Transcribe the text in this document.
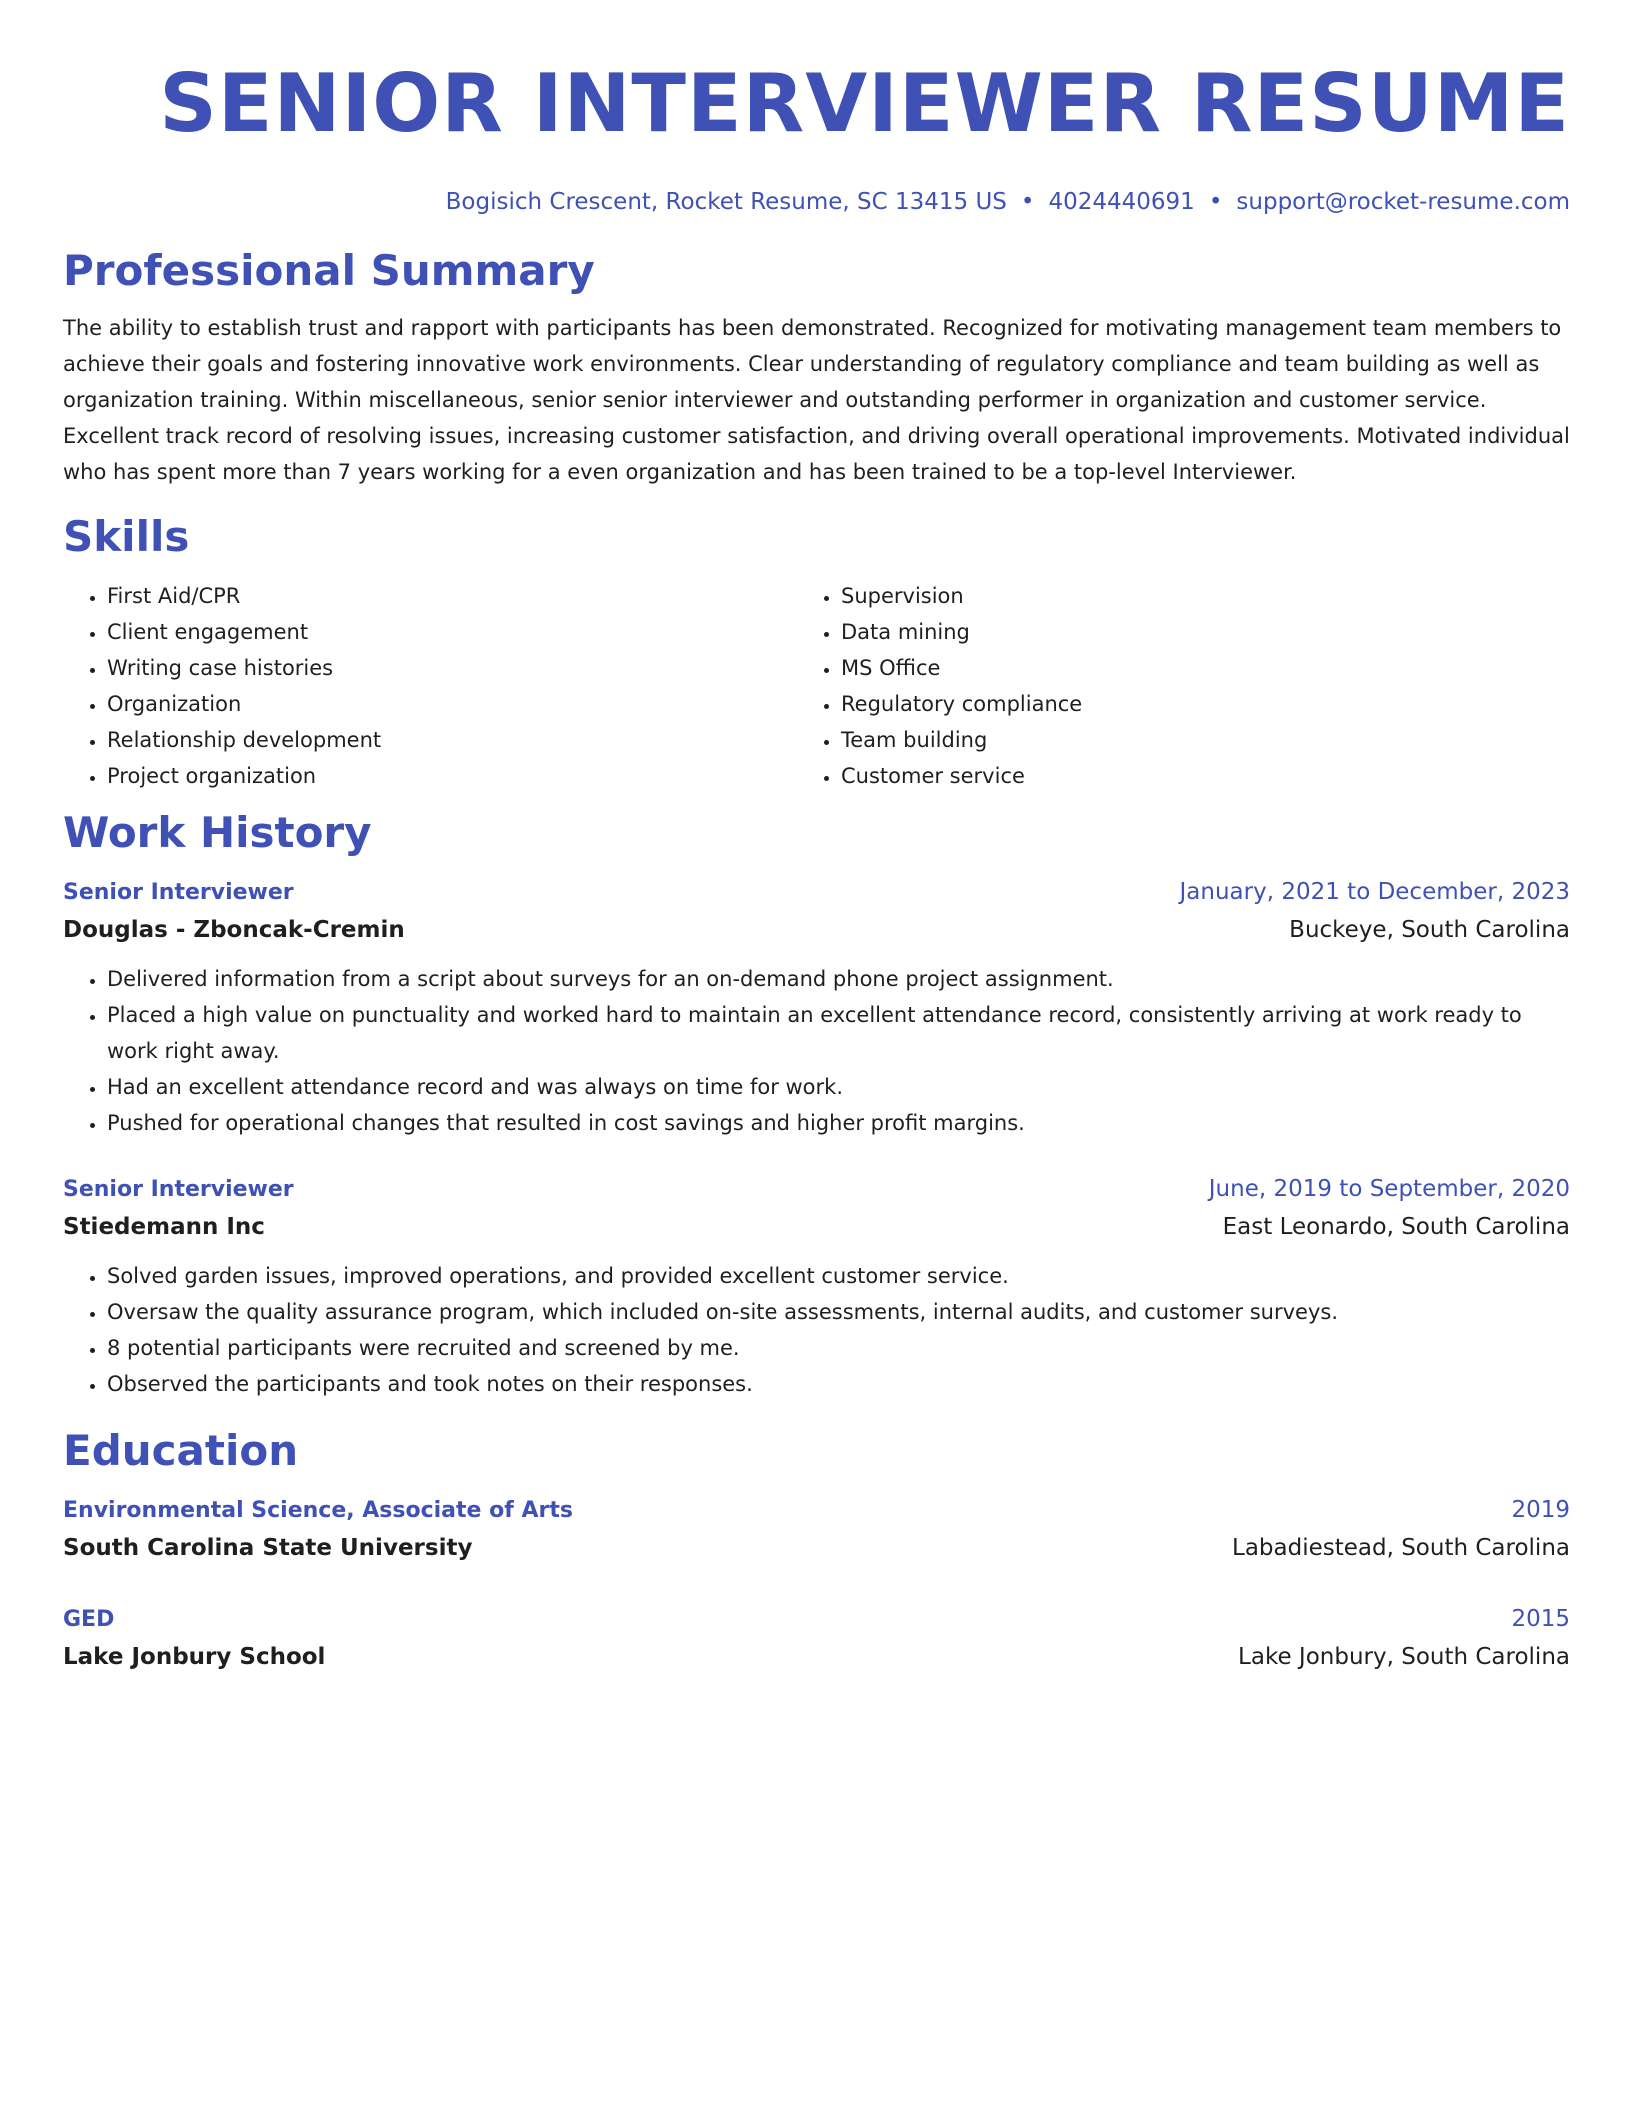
SENIOR INTERVIEWER RESUME
Bogisich Crescent, Rocket Resume, SC 13415 US • 4024440691 • support@rocket-resume.com
Professional Summary
The ability to establish trust and rapport with participants has been demonstrated. Recognized for motivating management team members to achieve their goals and fostering innovative work environments. Clear understanding of regulatory compliance and team building as well as organization training. Within miscellaneous, senior senior interviewer and outstanding performer in organization and customer service. Excellent track record of resolving issues, increasing customer satisfaction, and driving overall operational improvements. Motivated individual who has spent more than 7 years working for a even organization and has been trained to be a top-level Interviewer.
Skills
• First Aid/CPR
• Client engagement
• Writing case histories
• Organization
• Relationship development
• Project organization
• Supervision
• Data mining
• MS Office
• Regulatory compliance
• Team building
• Customer service
Work History
Senior Interviewer	January, 2021 to December, 2023
Douglas - Zboncak-Cremin	Buckeye, South Carolina
• Delivered information from a script about surveys for an on-demand phone project assignment.
• Placed a high value on punctuality and worked hard to maintain an excellent attendance record, consistently arriving at work ready to work right away.
• Had an excellent attendance record and was always on time for work.
• Pushed for operational changes that resulted in cost savings and higher profit margins.
Senior Interviewer	June, 2019 to September, 2020
Stiedemann Inc	East Leonardo, South Carolina
• Solved garden issues, improved operations, and provided excellent customer service.
• Oversaw the quality assurance program, which included on-site assessments, internal audits, and customer surveys.
• 8 potential participants were recruited and screened by me.
• Observed the participants and took notes on their responses.
Education
Environmental Science, Associate of Arts	2019
South Carolina State University	Labadiestead, South Carolina
GED	2015
Lake Jonbury School	Lake Jonbury, South Carolina
